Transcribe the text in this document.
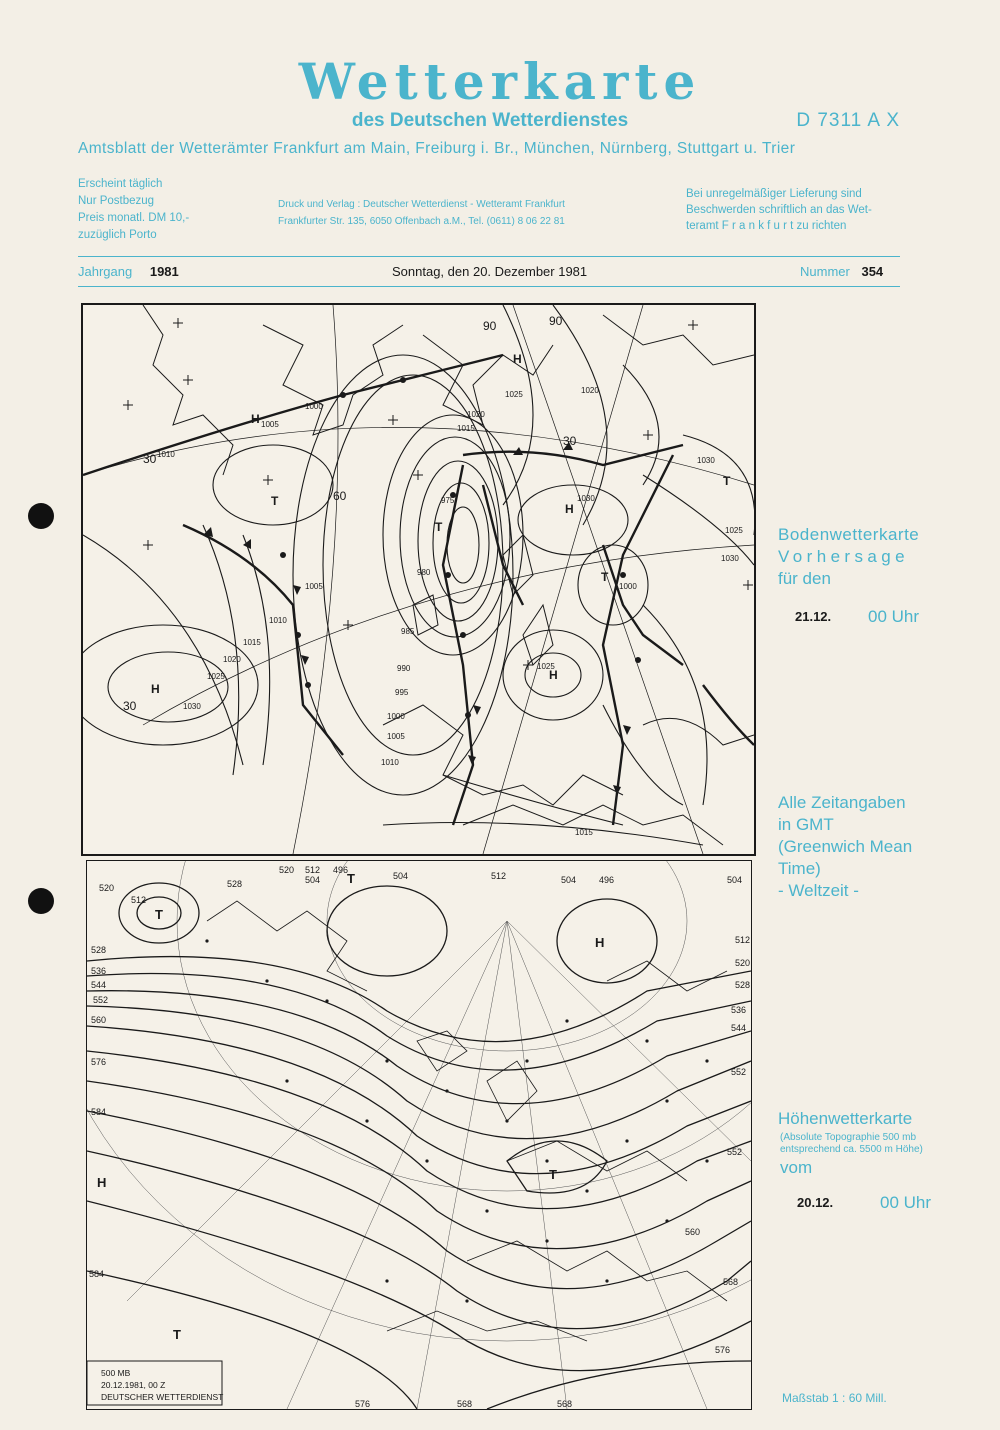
Wetterkarte
des Deutschen Wetterdienstes	D 7311 A X
Amtsblatt der Wetterämter Frankfurt am Main, Freiburg i. Br., München, Nürnberg, Stuttgart u. Trier
Erscheint täglich
Nur Postbezug
Preis monatl. DM 10,-
zuzüglich Porto
Druck und Verlag : Deutscher Wetterdienst - Wetteramt Frankfurt
Frankfurter Str. 135, 6050 Offenbach a.M., Tel. (0611) 8 06 22 81
Bei unregelmäßiger Lieferung sind
Beschwerden schriftlich an das Wet-
teramt F r a n k f u r t zu richten
Jahrgang 1981	Sonntag, den 20. Dezember 1981	Nummer 354
1000
1005
1010
1015
1020
1025
1030
975
980
985
990
995
1000
1005
1010
1015
1020
1025
1030
1030
1020
1025
1030
1000
1005
1010
1015
1025
H
H
H
H
H
T
T
T
T
30
60
90	90
30
30
Bodenwetterkarte
Vorhersage
für den
21.12. 00 Uhr
Alle Zeitangaben
in GMT
(Greenwich Mean
Time)
- Weltzeit -
520
512
528
536
544
552
560
576
584
584
576	568	568
512
520
528
536
544
552
552
560
568
576
504
496
504	512	504	496	504
520 512
528
T
T
H
H
T
T
500 MB
20.12.1981, 00 Z
DEUTSCHER WETTERDIENST
Höhenwetterkarte
(Absolute Topographie 500 mb
entsprechend ca. 5500 m Höhe)
vom
20.12.	00 Uhr
Maßstab 1 : 60 Mill.
